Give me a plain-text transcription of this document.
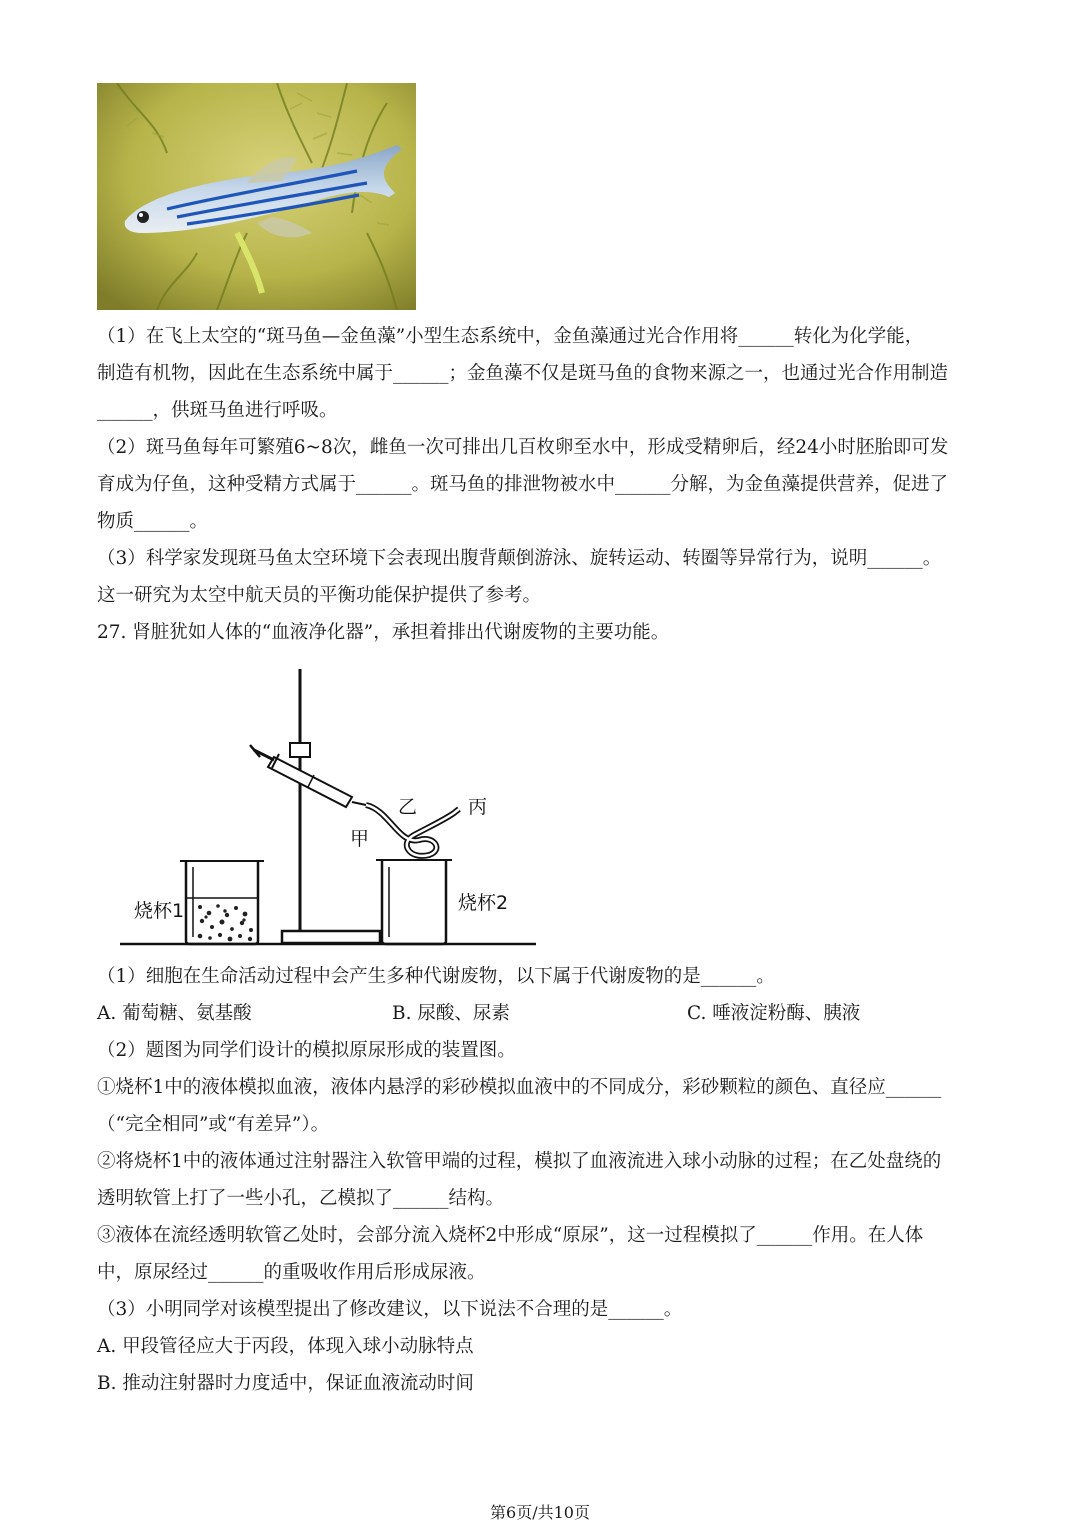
（1）在飞上太空的“斑马鱼—金鱼藻”小型生态系统中，金鱼藻通过光合作用将______转化为化学能，

制造有机物，因此在生态系统中属于______；金鱼藻不仅是斑马鱼的食物来源之一，也通过光合作用制造

______，供斑马鱼进行呼吸。

（2）斑马鱼每年可繁殖6~8次，雌鱼一次可排出几百枚卵至水中，形成受精卵后，经24小时胚胎即可发

育成为仔鱼，这种受精方式属于______。斑马鱼的排泄物被水中______分解，为金鱼藻提供营养，促进了

物质______。

（3）科学家发现斑马鱼太空环境下会表现出腹背颠倒游泳、旋转运动、转圈等异常行为，说明______。

这一研究为太空中航天员的平衡功能保护提供了参考。

27. 肾脏犹如人体的“血液净化器”，承担着排出代谢废物的主要功能。

甲
乙	丙
烧杯1	烧杯2

（1）细胞在生命活动过程中会产生多种代谢废物，以下属于代谢废物的是______。

A. 葡萄糖、氨基酸	B. 尿酸、尿素	C. 唾液淀粉酶、胰液

（2）题图为同学们设计的模拟原尿形成的装置图。

①烧杯1中的液体模拟血液，液体内悬浮的彩砂模拟血液中的不同成分，彩砂颗粒的颜色、直径应______

（“完全相同”或“有差异”）。

②将烧杯1中的液体通过注射器注入软管甲端的过程，模拟了血液流进入球小动脉的过程；在乙处盘绕的

透明软管上打了一些小孔，乙模拟了______结构。

③液体在流经透明软管乙处时，会部分流入烧杯2中形成“原尿”，这一过程模拟了______作用。在人体

中，原尿经过______的重吸收作用后形成尿液。

（3）小明同学对该模型提出了修改建议，以下说法不合理的是______。

A. 甲段管径应大于丙段，体现入球小动脉特点

B. 推动注射器时力度适中，保证血液流动时间

第6页/共10页
